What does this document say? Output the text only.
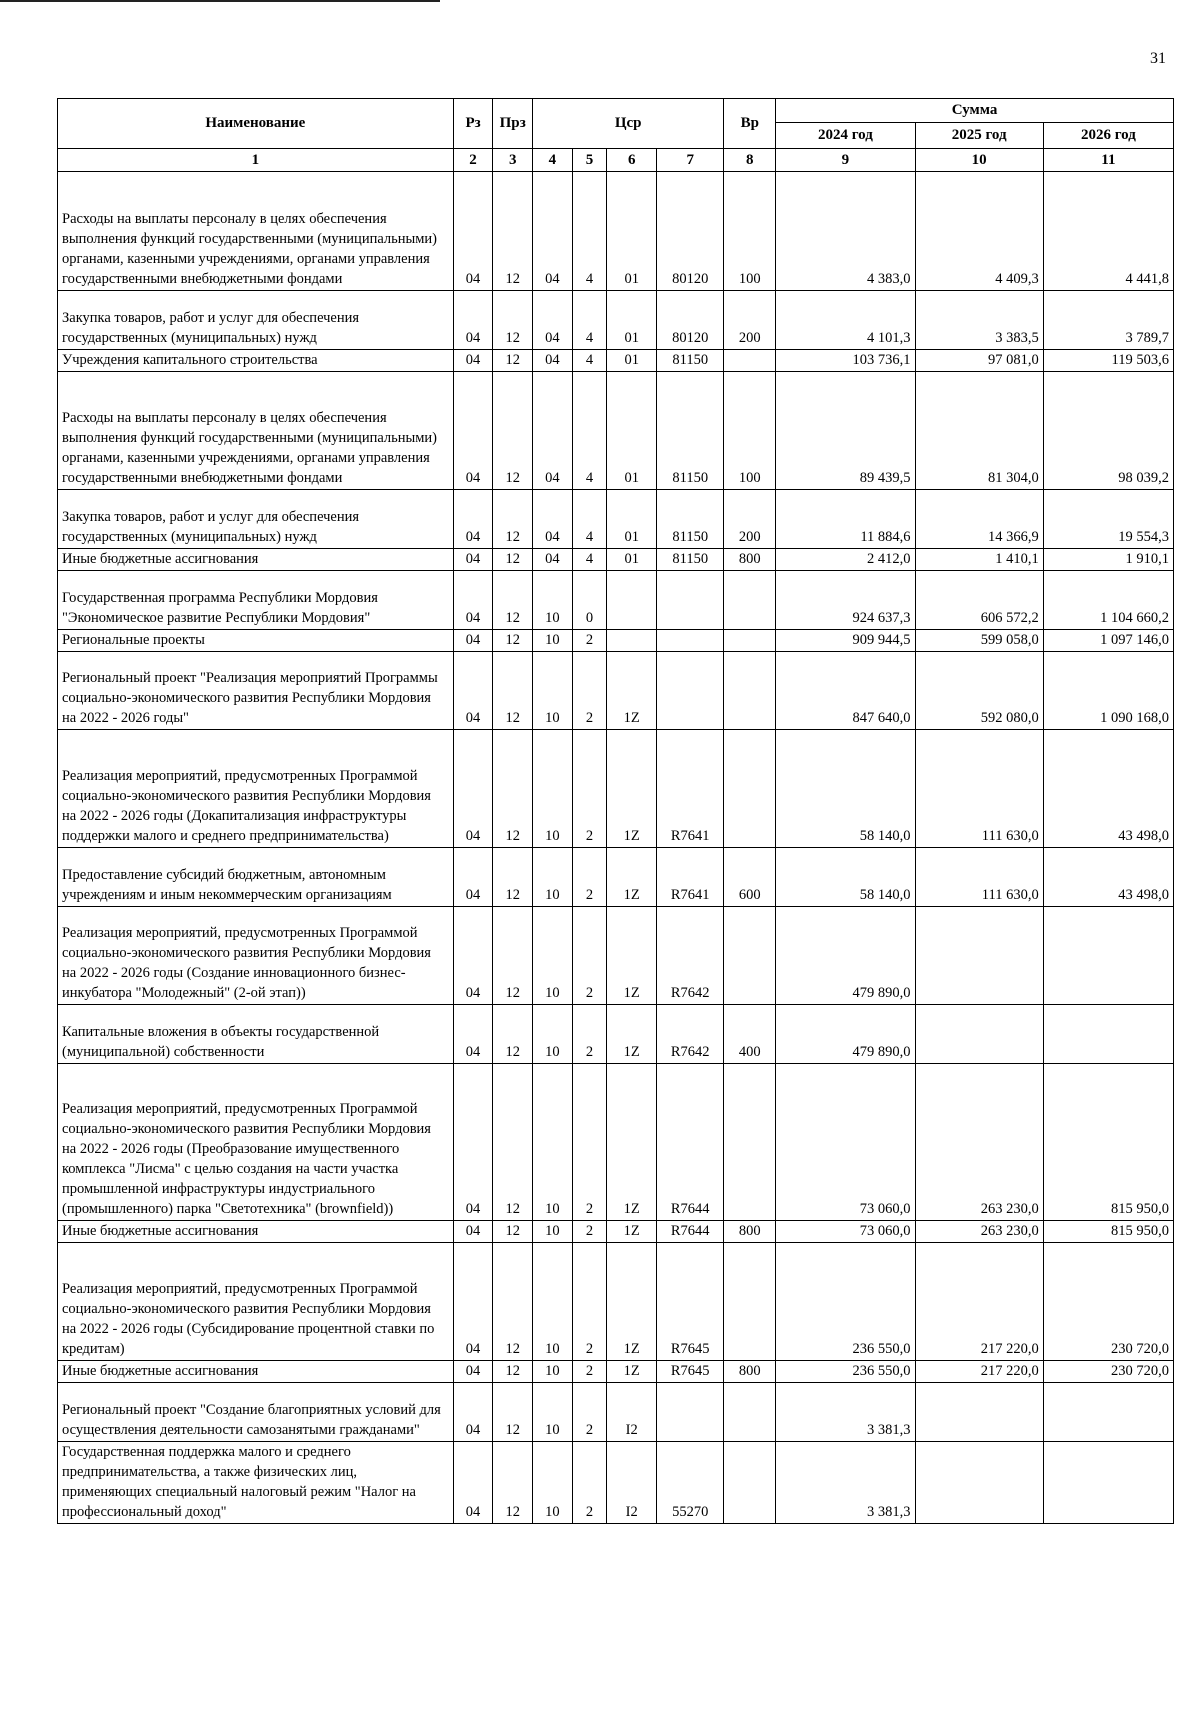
31
Наименование	Рз	Прз	Цср				Вр	Сумма		
								2024 год	2025 год	2026 год
1	2	3	4	5	6	7	8	9	10	11
Расходы на выплаты персоналу в целях обеспечения выполнения функций государственными (муниципальными) органами, казенными учреждениями, органами управления государственными внебюджетными фондами	04	12	04	4	01	80120	100	4 383,0	4 409,3	4 441,8
Закупка товаров, работ и услуг для обеспечения государственных (муниципальных) нужд	04	12	04	4	01	80120	200	4 101,3	3 383,5	3 789,7
Учреждения капитального строительства	04	12	04	4	01	81150		103 736,1	97 081,0	119 503,6
Расходы на выплаты персоналу в целях обеспечения выполнения функций государственными (муниципальными) органами, казенными учреждениями, органами управления государственными внебюджетными фондами	04	12	04	4	01	81150	100	89 439,5	81 304,0	98 039,2
Закупка товаров, работ и услуг для обеспечения государственных (муниципальных) нужд	04	12	04	4	01	81150	200	11 884,6	14 366,9	19 554,3
Иные бюджетные ассигнования	04	12	04	4	01	81150	800	2 412,0	1 410,1	1 910,1
Государственная программа Республики Мордовия "Экономическое развитие Республики Мордовия"	04	12	10	0				924 637,3	606 572,2	1 104 660,2
Региональные проекты	04	12	10	2				909 944,5	599 058,0	1 097 146,0
Региональный проект "Реализация мероприятий Программы социально-экономического развития Республики Мордовия на 2022 - 2026 годы"	04	12	10	2	1Z			847 640,0	592 080,0	1 090 168,0
Реализация мероприятий, предусмотренных Программой социально-экономического развития Республики Мордовия на 2022 - 2026 годы (Докапитализация инфраструктуры поддержки малого и среднего предпринимательства)	04	12	10	2	1Z	R7641		58 140,0	111 630,0	43 498,0
Предоставление субсидий бюджетным, автономным учреждениям и иным некоммерческим организациям	04	12	10	2	1Z	R7641	600	58 140,0	111 630,0	43 498,0
Реализация мероприятий, предусмотренных Программой социально-экономического развития Республики Мордовия на 2022 - 2026 годы (Создание инновационного бизнес-инкубатора "Молодежный" (2-ой этап))	04	12	10	2	1Z	R7642		479 890,0		
Капитальные вложения в объекты государственной (муниципальной) собственности	04	12	10	2	1Z	R7642	400	479 890,0		
Реализация мероприятий, предусмотренных Программой социально-экономического развития Республики Мордовия на 2022 - 2026 годы (Преобразование имущественного комплекса "Лисма" с целью создания на части участка промышленной инфраструктуры индустриального (промышленного) парка "Светотехника" (brownfield))	04	12	10	2	1Z	R7644		73 060,0	263 230,0	815 950,0
Иные бюджетные ассигнования	04	12	10	2	1Z	R7644	800	73 060,0	263 230,0	815 950,0
Реализация мероприятий, предусмотренных Программой социально-экономического развития Республики Мордовия на 2022 - 2026 годы (Субсидирование процентной ставки по кредитам)	04	12	10	2	1Z	R7645		236 550,0	217 220,0	230 720,0
Иные бюджетные ассигнования	04	12	10	2	1Z	R7645	800	236 550,0	217 220,0	230 720,0
Региональный проект "Создание благоприятных условий для осуществления деятельности самозанятыми гражданами"	04	12	10	2	I2			3 381,3		
Государственная поддержка малого и среднего предпринимательства, а также физических лиц, применяющих специальный налоговый режим "Налог на профессиональный доход"	04	12	10	2	I2	55270		3 381,3		
